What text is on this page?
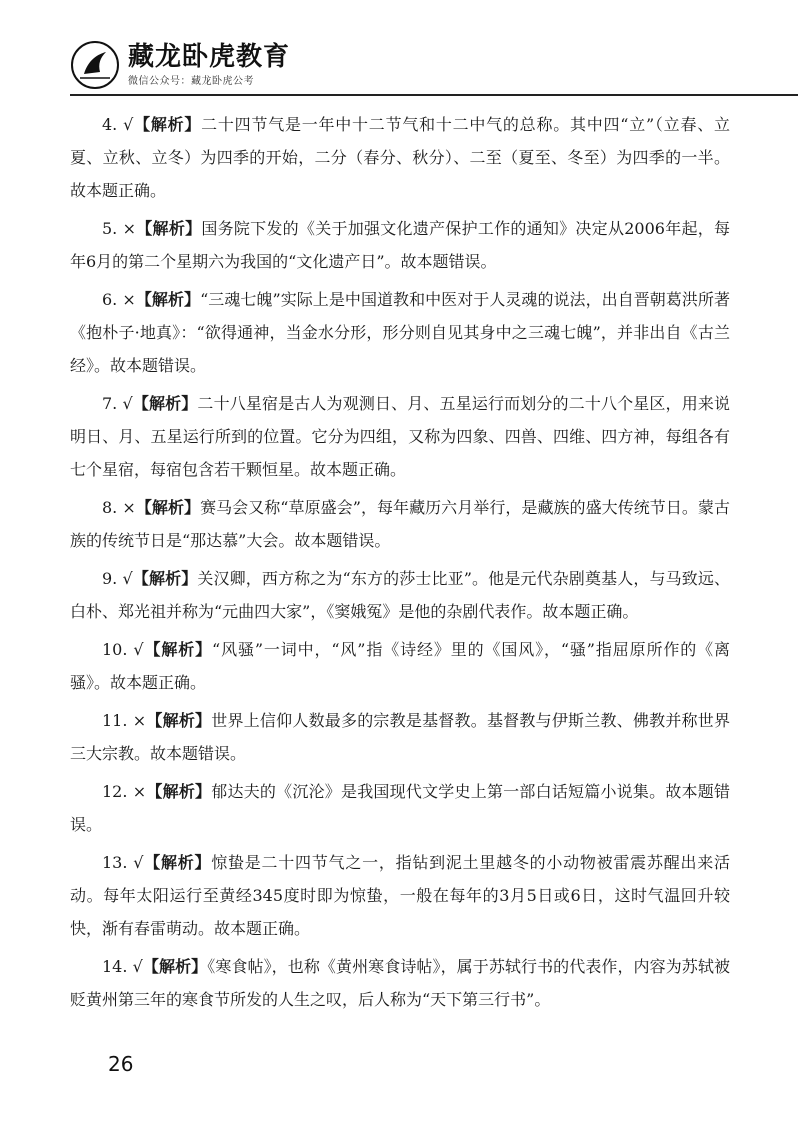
藏龙卧虎教育
微信公众号：藏龙卧虎公考

4. √【解析】二十四节气是一年中十二节气和十二中气的总称。其中四“立”（立春、立夏、立秋、立冬）为四季的开始，二分（春分、秋分）、二至（夏至、冬至）为四季的一半。故本题正确。

5. ×【解析】国务院下发的《关于加强文化遗产保护工作的通知》决定从2006年起，每年6月的第二个星期六为我国的“文化遗产日”。故本题错误。

6. ×【解析】“三魂七魄”实际上是中国道教和中医对于人灵魂的说法，出自晋朝葛洪所著《抱朴子·地真》：“欲得通神，当金水分形，形分则自见其身中之三魂七魄”，并非出自《古兰经》。故本题错误。

7. √【解析】二十八星宿是古人为观测日、月、五星运行而划分的二十八个星区，用来说明日、月、五星运行所到的位置。它分为四组，又称为四象、四兽、四维、四方神，每组各有七个星宿，每宿包含若干颗恒星。故本题正确。

8. ×【解析】赛马会又称“草原盛会”，每年藏历六月举行，是藏族的盛大传统节日。蒙古族的传统节日是“那达慕”大会。故本题错误。

9. √【解析】关汉卿，西方称之为“东方的莎士比亚”。他是元代杂剧奠基人，与马致远、白朴、郑光祖并称为“元曲四大家”，《窦娥冤》是他的杂剧代表作。故本题正确。

10. √【解析】“风骚”一词中，“风”指《诗经》里的《国风》，“骚”指屈原所作的《离骚》。故本题正确。

11. ×【解析】世界上信仰人数最多的宗教是基督教。基督教与伊斯兰教、佛教并称世界三大宗教。故本题错误。

12. ×【解析】郁达夫的《沉沦》是我国现代文学史上第一部白话短篇小说集。故本题错误。

13. √【解析】惊蛰是二十四节气之一，指钻到泥土里越冬的小动物被雷震苏醒出来活动。每年太阳运行至黄经345度时即为惊蛰，一般在每年的3月5日或6日，这时气温回升较快，渐有春雷萌动。故本题正确。

14. √【解析】《寒食帖》，也称《黄州寒食诗帖》，属于苏轼行书的代表作，内容为苏轼被贬黄州第三年的寒食节所发的人生之叹，后人称为“天下第三行书”。

26
